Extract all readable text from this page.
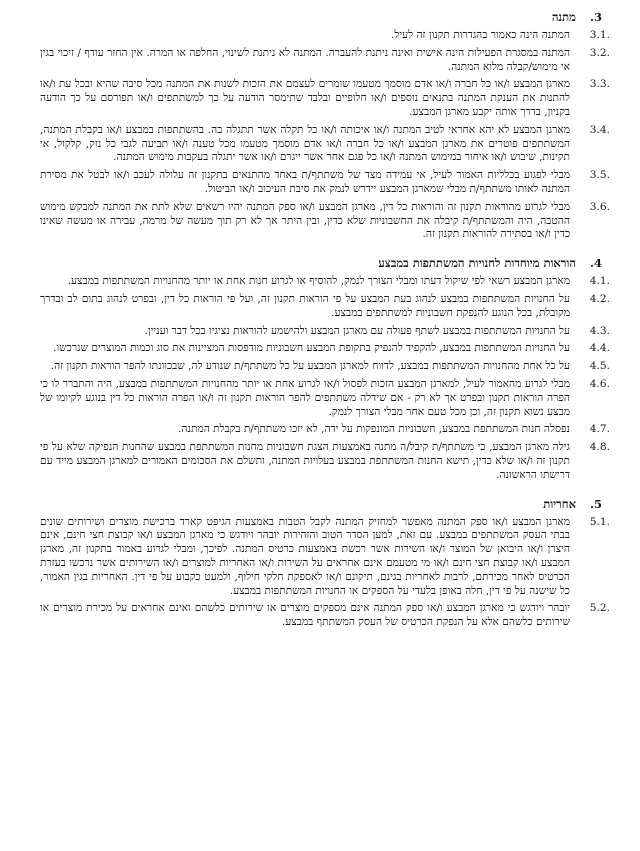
3.
מתנה
3.1.
המתנה הינה כאמור בהגדרות תקנון זה לעיל.
3.2.
המתנה במסגרת הפעילות הינה אישית ואינה ניתנת להעברה. המתנה לא ניתנת לשינוי, החלפה או המרה. אין החזר עודף / זיכוי בגין אי מימוש/קבלה מלוא המתנה.
3.3.
מארגן המבצע ו/או כל חברה ו/או אדם מוסמך מטעמו שומרים לעצמם את הזכות לשנות את המתנה מכל סיבה שהיא ובכל עת ו/או להתנות את הענקת המתנה בתנאים נוספים ו/או חלופיים ובלבד שתימסר הודעה על כך למשתתפים ו/או תפורסם על כך הודעה בקניון, בדרך אותה יקבע מארגן המבצע.
3.4.
מארגן המבצע לא יהא אחראי לטיב המתנה ו/או איכותה ו/או כל תקלה אשר תתגלה בה. בהשתתפות במבצע ו/או בקבלת המתנה, המשתתפים פוטרים את מארגן המבצע ו/או כל חברה ו/או אדם מוסמך מטעמו מכל טענה ו/או תביעה לגבי כל נזק, קלקול, אי תקינות, שיבוש ו/או איחור במימוש המתנה ו/או כל פגם אחר אשר ייגרם ו/או אשר יתגלה בעקבות מימוש המתנה.
3.5.
מבלי לפגוע בכלליות האמור לעיל, אי עמידה מצד של משתתף/ת באחד מהתנאים בתקנון זה עלולה לעכב ו/או לבטל את מסירת המתנה לאותו משתתף/ת מבלי שמארגן המבצע יידרש לנמק את סיבת העיכוב ו/או הביטול.
3.6.
מבלי לגרוע מהוראות תקנון זה והוראות כל דין, מארגן המבצע ו/או ספק המתנה יהיו רשאים שלא לתת את המתנה למבקש מימוש ההטבה, היה והמשתתף/ת קיבלה את החשבוניות שלא כדין, ובין היתר אך לא רק תוך מעשה של מרמה, עבירה או מעשה שאינו כדין ו/או בסתירה להוראות תקנון זה.
4.
הוראות מיוחדות לחנויות המשתתפות במבצע
4.1.
מארגן המבצע רשאי לפי שיקול דעתו ומבלי הצורך לנמק, להוסיף או לגרוע חנות אחת או יותר מהחנויות המשתתפות במבצע.
4.2.
על החנויות המשתתפות במבצע לנהוג בעת המבצע על פי הוראות תקנון זה, ועל פי הוראות כל דין, ובפרט לנהוג בתום לב ובדרך מקובלת, בכל הנוגע להנפקת חשבוניות למשתתפים במבצע.
4.3.
על החנויות המשתתפות במבצע לשתף פעולה עם מארגן המבצע ולהישמע להוראות נציגיו בכל דבר ועניין.
4.4.
על החנויות המשתתפות במבצע, להקפיד להנפיק בתקופת המבצע חשבוניות מודפסות המציינות את סוג וכמות המוצרים שנרכשו.
4.5.
על כל אחת מהחנויות המשתתפות במבצע, לדווח למארגן המבצע על כל משתתף/ת שנודע לה, שבכוונתו להפר הוראות תקנון זה.
4.6.
מבלי לגרוע מהאמור לעיל, למארגן המבצע הזכות לפסול ו/או לגרוע אחת או יותר מהחנויות המשתתפות במבצע, היה והתברר לו כי הפרה הוראות תקנון ובפרט אך לא רק - אם שידלה משתתפים להפר הוראות תקנון זה ו/או הפרה הוראות כל דין בנוגע לקיומו של מבצע נשוא תקנון זה, וכן מכל טעם אחר מבלי הצורך לנמק.
4.7.
נפסלה חנות המשתתפת במבצע, חשבוניות המונפקות על ידה, לא יזכו משתתף/ת בקבלת המתנה.
4.8.
גילה מארגן המבצע, כי משתתף/ת קיבל/ה מתנה באמצעות הצגת חשבוניות מחנות המשתתפת במבצע שהחנות הנפיקה שלא על פי תקנון זה ו/או שלא כדין, תישא החנות המשתתפת במבצע בעלויות המתנה, ותשלם את הסכומים האמורים למארגן המבצע מייד עם דרישתו הראשונה.
5.
אחריות
5.1.
מארגן המבצע ו/או ספק המתנה מאפשר למחזיק המתנה לקבל הטבות באמצעות הגיפט קארד ברכישת מוצרים ושירותים שונים בבתי העסק המשתתפים במבצע. עם זאת, למען הסדר הטוב והזהירות יובהר ויודגש כי מארגן המבצע ו/או קבוצת חצי חינם, אינם היצרן ו/או היבואן של המוצר ו/או השירות אשר רכשת באמצעות כרטיס המתנה. לפיכך, ומבלי לגרוע באמור בתקנון זה, מארגן המבצע ו/או קבוצת חצי חינם ו/או מי מטעמם אינם אחראים על השירות ו/או האחריות למוצרים ו/או השירותים אשר נרכשו בעזרת הכרטיס לאחר מכירתם, לרבות לאחריות בגינם, תיקונם ו/או לאספקת חלקי חילוף, ולמעט כקבוע על פי דין. האחריות בגין האמור, כל שישנה על פי דין, חלה באופן בלעדי על הספקים או החנויות המשתתפות במבצע.
5.2.
יובהר ויודגש כי מארגן המבצע ו/או ספק המתנה אינם מספקים מוצרים או שירותים כלשהם ואינם אחראים על מכירת מוצרים או שירותים כלשהם אלא על הנפקת הכרטיס של העסק המשתתף במבצע.
